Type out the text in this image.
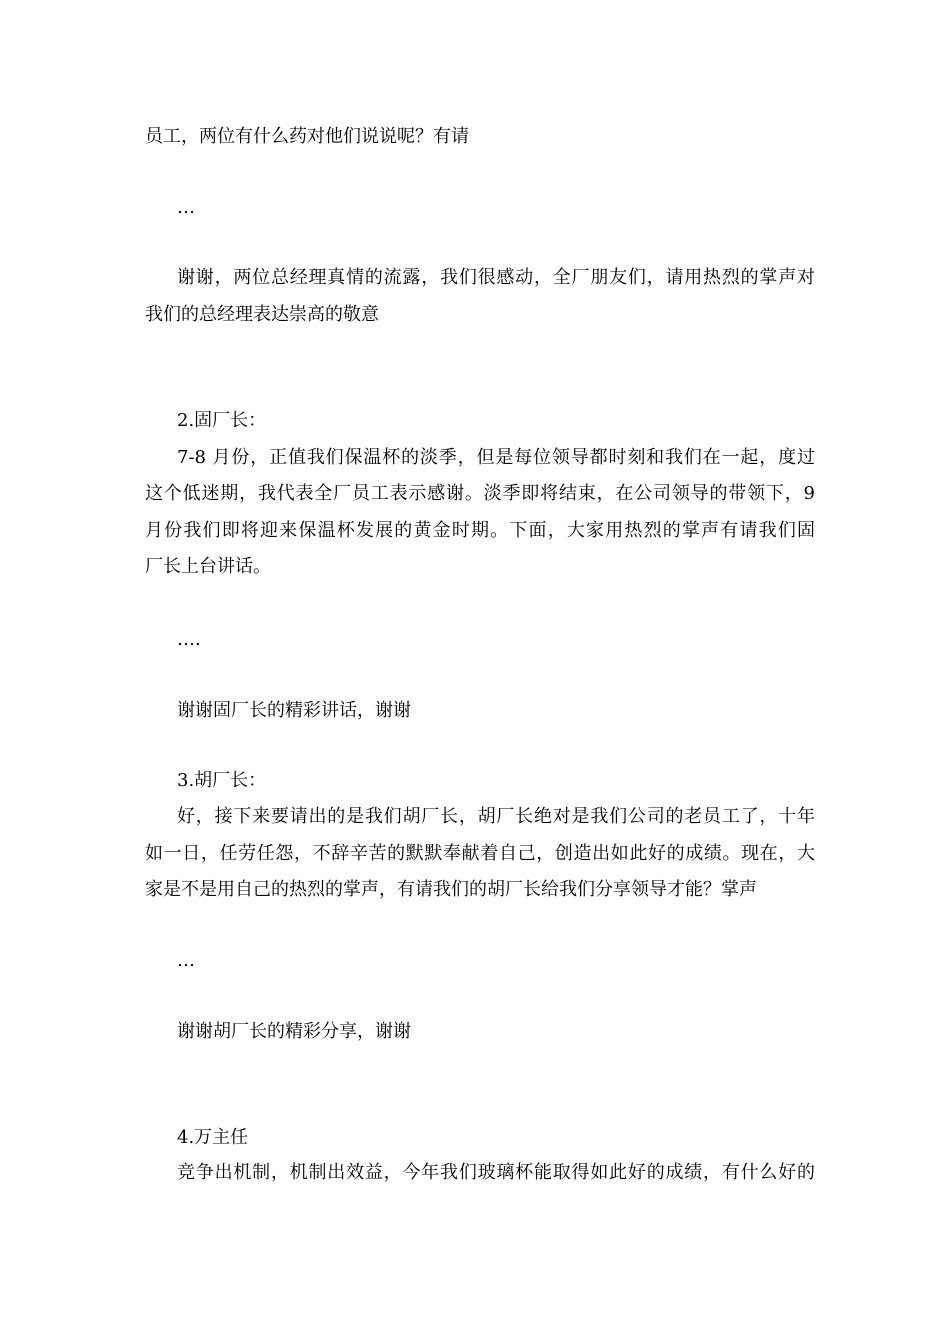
员工，两位有什么药对他们说说呢？有请
…
谢谢，两位总经理真情的流露，我们很感动，全厂朋友们，请用热烈的掌声对
我们的总经理表达崇高的敬意
2.固厂长：
7-8 月份，正值我们保温杯的淡季，但是每位领导都时刻和我们在一起，度过
这个低迷期，我代表全厂员工表示感谢。淡季即将结束，在公司领导的带领下，9
月份我们即将迎来保温杯发展的黄金时期。下面，大家用热烈的掌声有请我们固
厂长上台讲话。
….
谢谢固厂长的精彩讲话，谢谢
3.胡厂长：
好，接下来要请出的是我们胡厂长，胡厂长绝对是我们公司的老员工了，十年
如一日，任劳任怨，不辞辛苦的默默奉献着自己，创造出如此好的成绩。现在，大
家是不是用自己的热烈的掌声，有请我们的胡厂长给我们分享领导才能？掌声
…
谢谢胡厂长的精彩分享，谢谢
4.万主任
竞争出机制，机制出效益，今年我们玻璃杯能取得如此好的成绩，有什么好的
